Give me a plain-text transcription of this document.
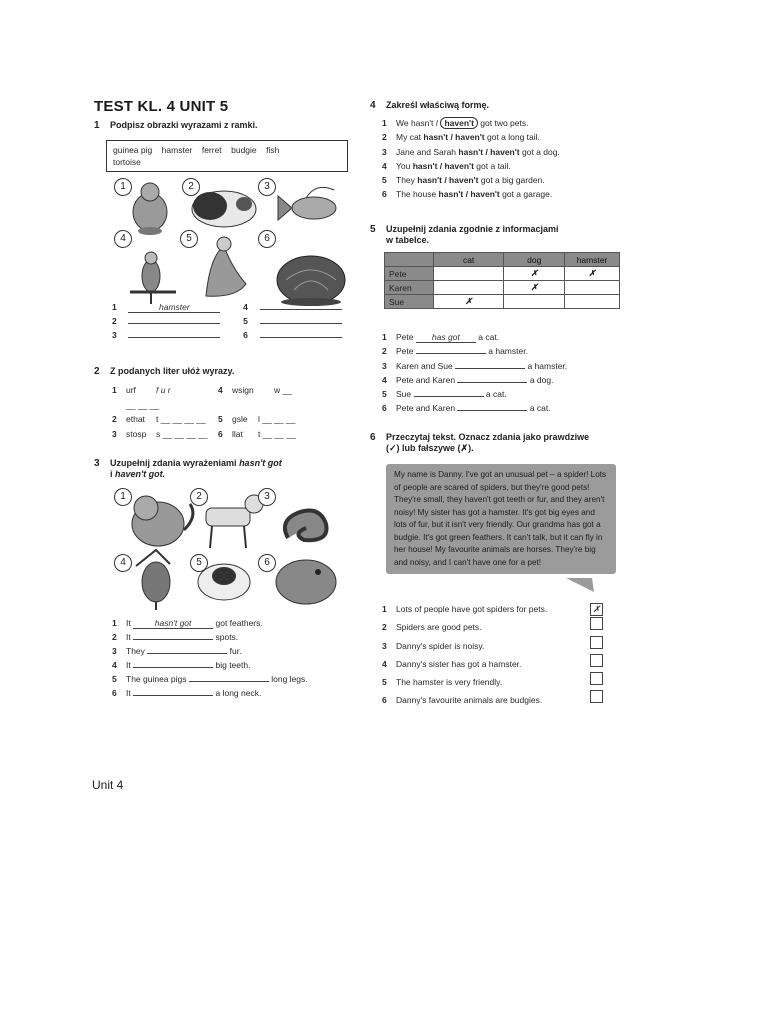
TEST KL. 4 UNIT 5
1 Podpisz obrazki wyrazami z ramki.
guinea pig    hamster    ferret    budgie    fish
tortoise
1	2	3
4	5	6
1	hamster	4
2	5
3	6
2 Z podanych liter ułóż wyrazy.
1 urf f u r	4 wsign w __
__ __ __
2 ethat t __ __ __ __ 5 gsle l __ __ __
3 stosp s __ __ __ __ 6 llat t __ __ __
3 Uzupełnij zdania wyrażeniami hasn't got
i haven't got.
1	2	3
4	5	6
1 It	hasn't got	got feathers.
2 It	spots.
3 They	fur.
4 It	big teeth.
5 The guinea pigs	long legs.
6 It	a long neck.
4 Zakreśl właściwą formę.
1 We hasn't / haven't got two pets.
2 My cat hasn't / haven't got a long tail.
3 Jane and Sarah hasn't / haven't got a dog.
4 You hasn't / haven't got a tail.
5 They hasn't / haven't got a big garden.
6 The house hasn't / haven't got a garage.
5 Uzupełnij zdania zgodnie z informacjami
w tabelce.
	cat	dog	hamster
Pete		✗	✗
Karen		✗	
Sue	✗		
1 Pete has got a cat.
2 Pete	a hamster.
3 Karen and Sue	a hamster.
4 Pete and Karen	a dog.
5 Sue	a cat.
6 Pete and Karen	a cat.
6 Przeczytaj tekst. Oznacz zdania jako prawdziwe
(✓) lub fałszywe (✗).
My name is Danny. I've got an unusual pet – a spider! Lots of people are scared of spiders, but they're good pets! They're small, they haven't got teeth or fur, and they aren't noisy! My sister has got a hamster. It's got big eyes and lots of fur, but it isn't very friendly. Our grandma has got a budgie. It's got green feathers. It can't talk, but it can fly in her house! My favourite animals are horses. They're big and noisy, and I can't have one for a pet!
1 Lots of people have got spiders for pets.	✗
2 Spiders are good pets.
3 Danny's spider is noisy.
4 Danny's sister has got a hamster.
5 The hamster is very friendly.
6 Danny's favourite animals are budgies.
Unit 4
